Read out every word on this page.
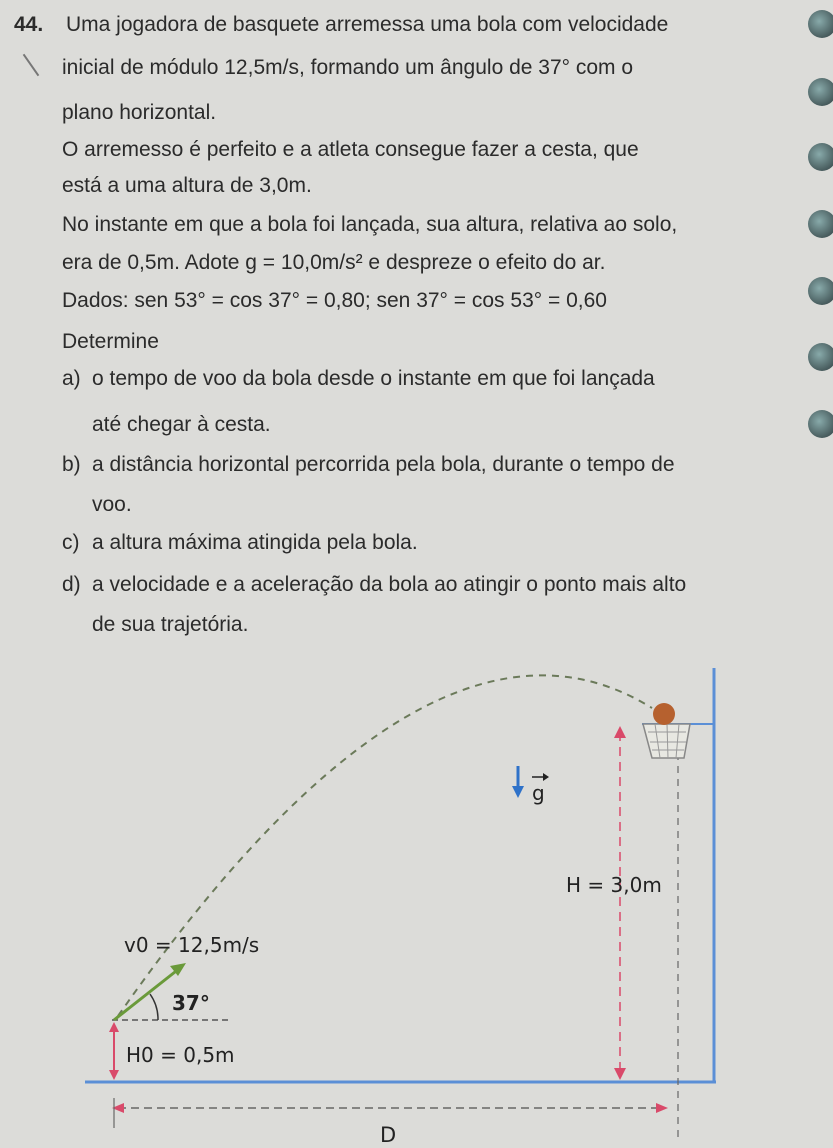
44. Uma jogadora de basquete arremessa uma bola com velocidade
inicial de módulo 12,5m/s, formando um ângulo de 37° com o
plano horizontal.
O arremesso é perfeito e a atleta consegue fazer a cesta, que
está a uma altura de 3,0m.
No instante em que a bola foi lançada, sua altura, relativa ao solo,
era de 0,5m. Adote g = 10,0m/s² e despreze o efeito do ar.
Dados: sen 53° = cos 37° = 0,80; sen 37° = cos 53° = 0,60
Determine
a) o tempo de voo da bola desde o instante em que foi lançada
até chegar à cesta.
b) a distância horizontal percorrida pela bola, durante o tempo de
voo.
c) a altura máxima atingida pela bola.
d) a velocidade e a aceleração da bola ao atingir o ponto mais alto
de sua trajetória.
g
H = 3,0m
v0 = 12,5m/s
37°
H0 = 0,5m
D
